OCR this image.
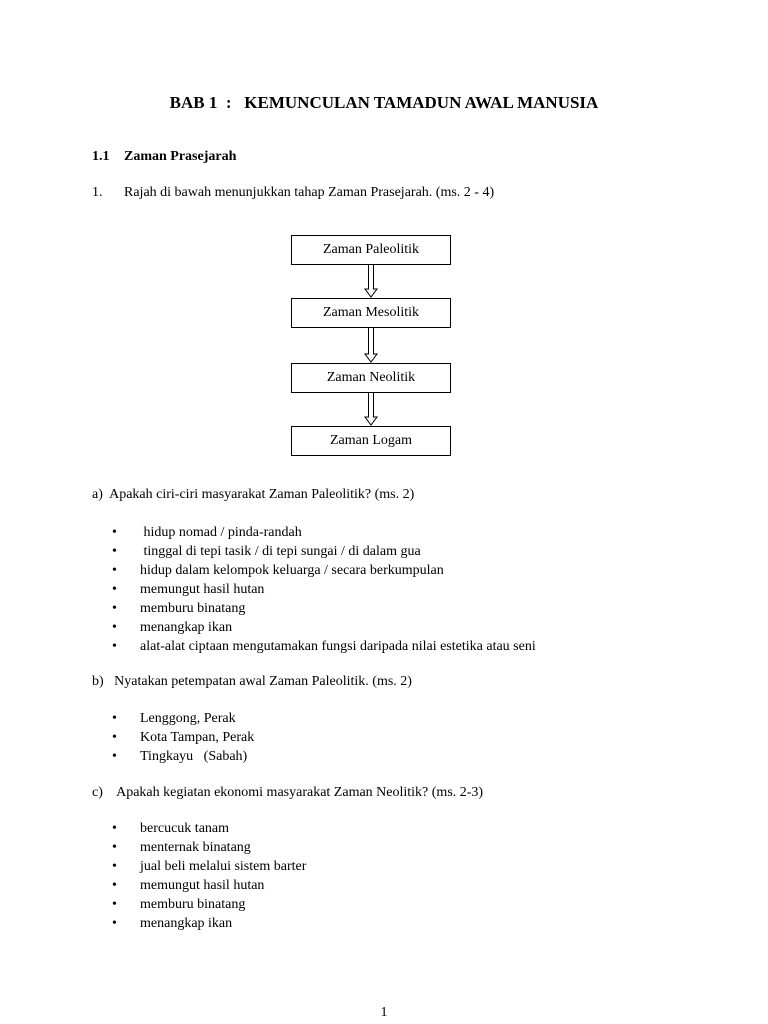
BAB 1  :   KEMUNCULAN TAMADUN AWAL MANUSIA
1.1 Zaman Prasejarah
1. Rajah di bawah menunjukkan tahap Zaman Prasejarah. (ms. 2 - 4)
Zaman Paleolitik
Zaman Mesolitik
Zaman Neolitik
Zaman Logam
a)  Apakah ciri-ciri masyarakat Zaman Paleolitik? (ms. 2)
• hidup nomad / pinda-randah
• tinggal di tepi tasik / di tepi sungai / di dalam gua
• hidup dalam kelompok keluarga / secara berkumpulan
• memungut hasil hutan
• memburu binatang
• menangkap ikan
• alat-alat ciptaan mengutamakan fungsi daripada nilai estetika atau seni
b)   Nyatakan petempatan awal Zaman Paleolitik. (ms. 2)
• Lenggong, Perak
• Kota Tampan, Perak
• Tingkayu   (Sabah)
c)    Apakah kegiatan ekonomi masyarakat Zaman Neolitik? (ms. 2-3)
• bercucuk tanam
• menternak binatang
• jual beli melalui sistem barter
• memungut hasil hutan
• memburu binatang
• menangkap ikan
1
